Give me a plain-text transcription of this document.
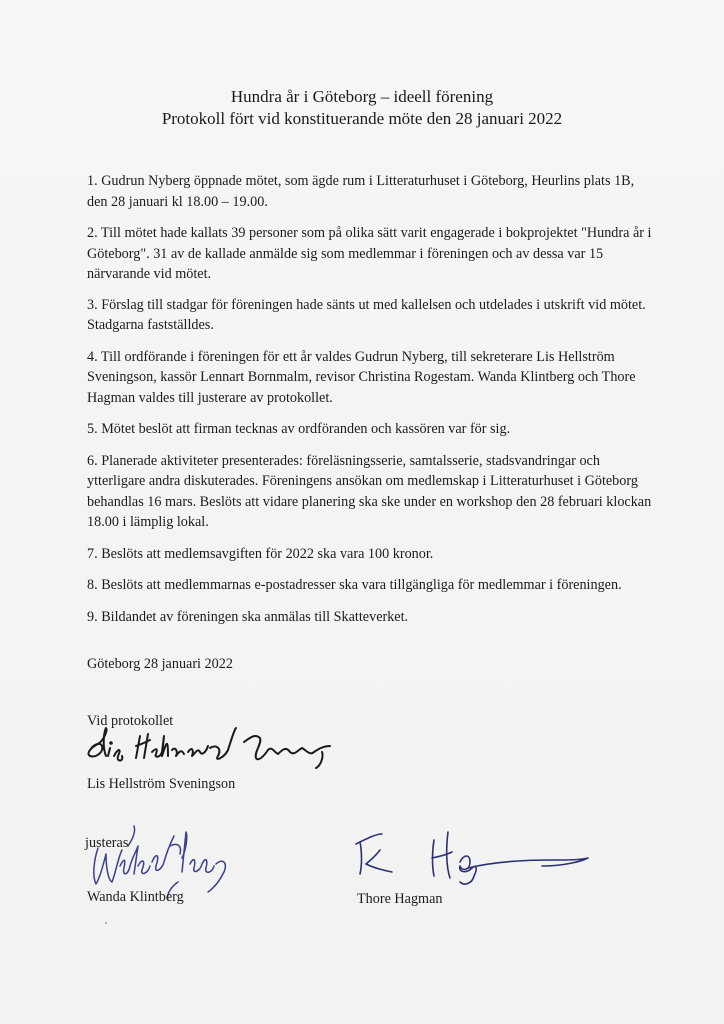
Hundra år i Göteborg – ideell förening
Protokoll fört vid konstituerande möte den 28 januari 2022

1. Gudrun Nyberg öppnade mötet, som ägde rum i Litteraturhuset i Göteborg, Heurlins plats 1B, den 28 januari kl 18.00 – 19.00.

2. Till mötet hade kallats 39 personer som på olika sätt varit engagerade i bokprojektet "Hundra år i Göteborg". 31 av de kallade anmälde sig som medlemmar i föreningen och av dessa var 15 närvarande vid mötet.

3. Förslag till stadgar för föreningen hade sänts ut med kallelsen och utdelades i utskrift vid mötet. Stadgarna fastställdes.

4. Till ordförande i föreningen för ett år valdes Gudrun Nyberg, till sekreterare Lis Hellström Sveningson, kassör Lennart Bornmalm, revisor Christina Rogestam. Wanda Klintberg och Thore Hagman valdes till justerare av protokollet.

5. Mötet beslöt att firman tecknas av ordföranden och kassören var för sig.

6. Planerade aktiviteter presenterades: föreläsningsserie, samtalsserie, stadsvandringar och ytterligare andra diskuterades. Föreningens ansökan om medlemskap i Litteraturhuset i Göteborg behandlas 16 mars. Beslöts att vidare planering ska ske under en workshop den 28 februari klockan 18.00 i lämplig lokal.

7. Beslöts att medlemsavgiften för 2022 ska vara 100 kronor.

8. Beslöts att medlemmarnas e-postadresser ska vara tillgängliga för medlemmar i föreningen.

9. Bildandet av föreningen ska anmälas till Skatteverket.

Göteborg 28 januari 2022
Vid protokollet
Lis Hellström Sveningson
justeras
Wanda Klintberg	Thore Hagman
